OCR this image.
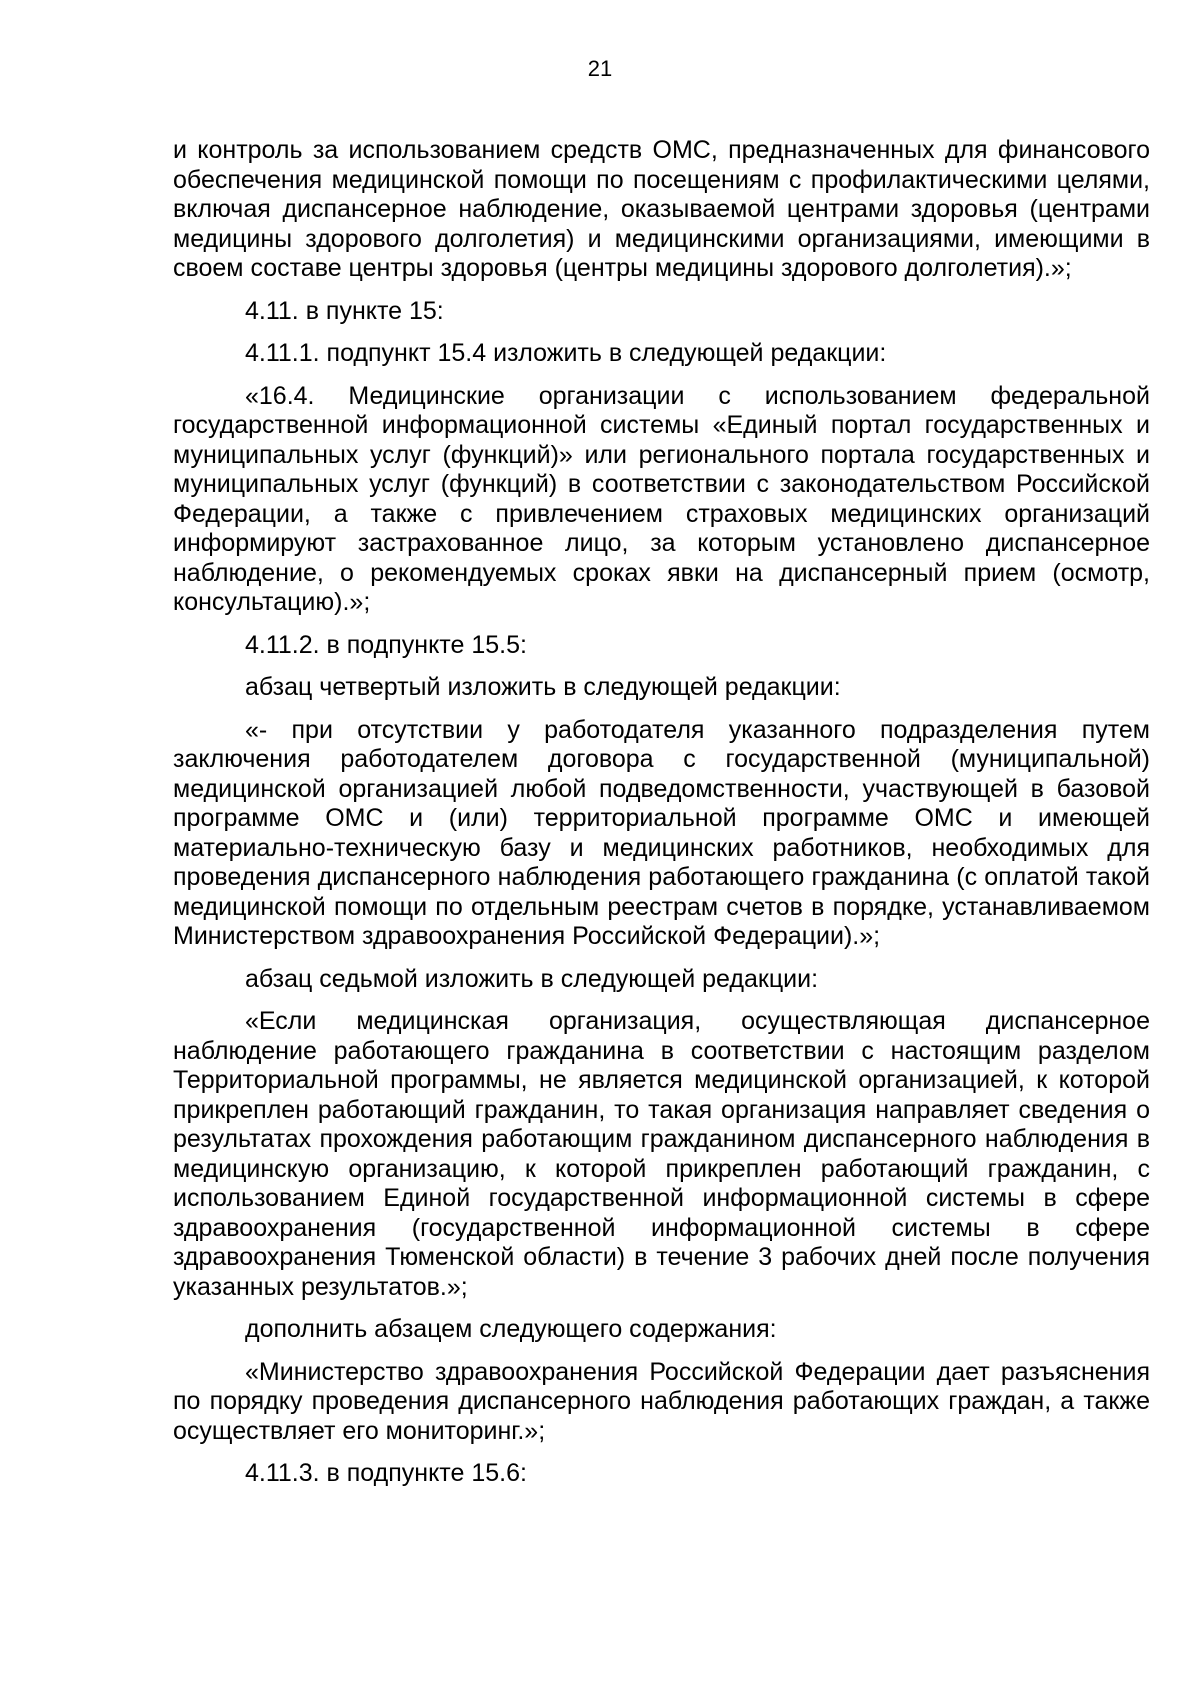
21

и контроль за использованием средств ОМС, предназначенных для финансового обеспечения медицинской помощи по посещениям с профилактическими целями, включая диспансерное наблюдение, оказываемой центрами здоровья (центрами медицины здорового долголетия) и медицинскими организациями, имеющими в своем составе центры здоровья (центры медицины здорового долголетия).»;

4.11. в пункте 15:

4.11.1. подпункт 15.4 изложить в следующей редакции:

«16.4. Медицинские организации с использованием федеральной государственной информационной системы «Единый портал государственных и муниципальных услуг (функций)» или регионального портала государственных и муниципальных услуг (функций) в соответствии с законодательством Российской Федерации, а также с привлечением страховых медицинских организаций информируют застрахованное лицо, за которым установлено диспансерное наблюдение, о рекомендуемых сроках явки на диспансерный прием (осмотр, консультацию).»;

4.11.2. в подпункте 15.5:

абзац четвертый изложить в следующей редакции:

«- при отсутствии у работодателя указанного подразделения путем заключения работодателем договора с государственной (муниципальной) медицинской организацией любой подведомственности, участвующей в базовой программе ОМС и (или) территориальной программе ОМС и имеющей материально-техническую базу и медицинских работников, необходимых для проведения диспансерного наблюдения работающего гражданина (с оплатой такой медицинской помощи по отдельным реестрам счетов в порядке, устанавливаемом Министерством здравоохранения Российской Федерации).»;

абзац седьмой изложить в следующей редакции:

«Если медицинская организация, осуществляющая диспансерное наблюдение работающего гражданина в соответствии с настоящим разделом Территориальной программы, не является медицинской организацией, к которой прикреплен работающий гражданин, то такая организация направляет сведения о результатах прохождения работающим гражданином диспансерного наблюдения в медицинскую организацию, к которой прикреплен работающий гражданин, с использованием Единой государственной информационной системы в сфере здравоохранения (государственной информационной системы в сфере здравоохранения Тюменской области) в течение 3 рабочих дней после получения указанных результатов.»;

дополнить абзацем следующего содержания:

«Министерство здравоохранения Российской Федерации дает разъяснения по порядку проведения диспансерного наблюдения работающих граждан, а также осуществляет его мониторинг.»;

4.11.3. в подпункте 15.6:
